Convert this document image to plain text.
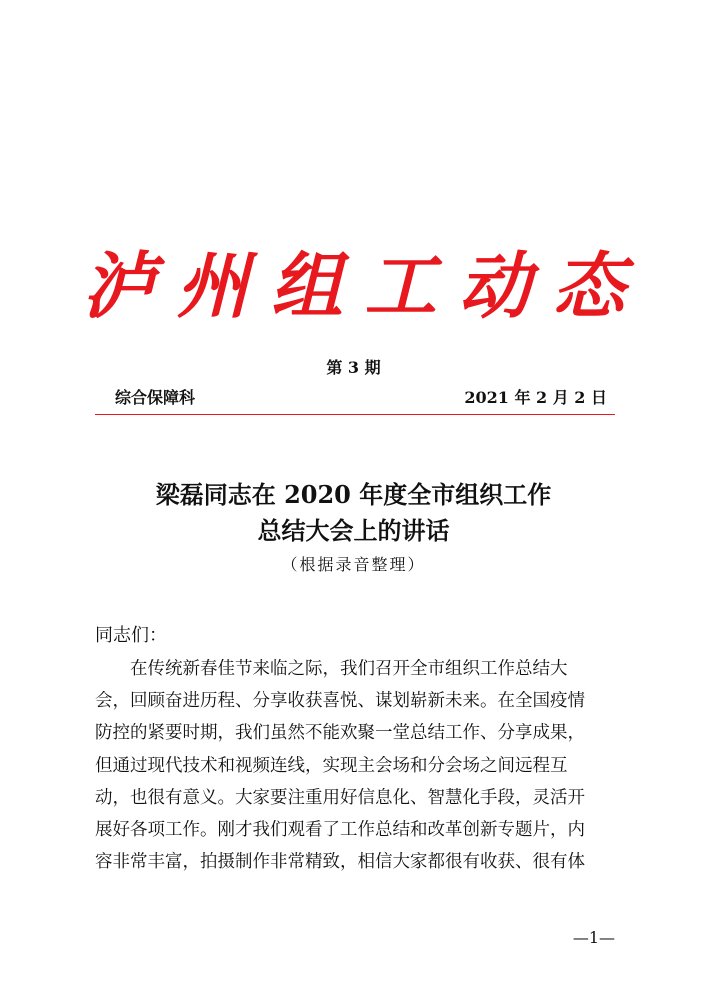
泸州组工动态
第 3 期
综合保障科	2021 年 2 月 2 日
梁磊同志在 2020 年度全市组织工作
总结大会上的讲话
（根据录音整理）
同志们：
　　在传统新春佳节来临之际，我们召开全市组织工作总结大
会，回顾奋进历程、分享收获喜悦、谋划崭新未来。在全国疫情
防控的紧要时期，我们虽然不能欢聚一堂总结工作、分享成果，
但通过现代技术和视频连线，实现主会场和分会场之间远程互
动，也很有意义。大家要注重用好信息化、智慧化手段，灵活开
展好各项工作。刚才我们观看了工作总结和改革创新专题片，内
容非常丰富，拍摄制作非常精致，相信大家都很有收获、很有体
—1—
